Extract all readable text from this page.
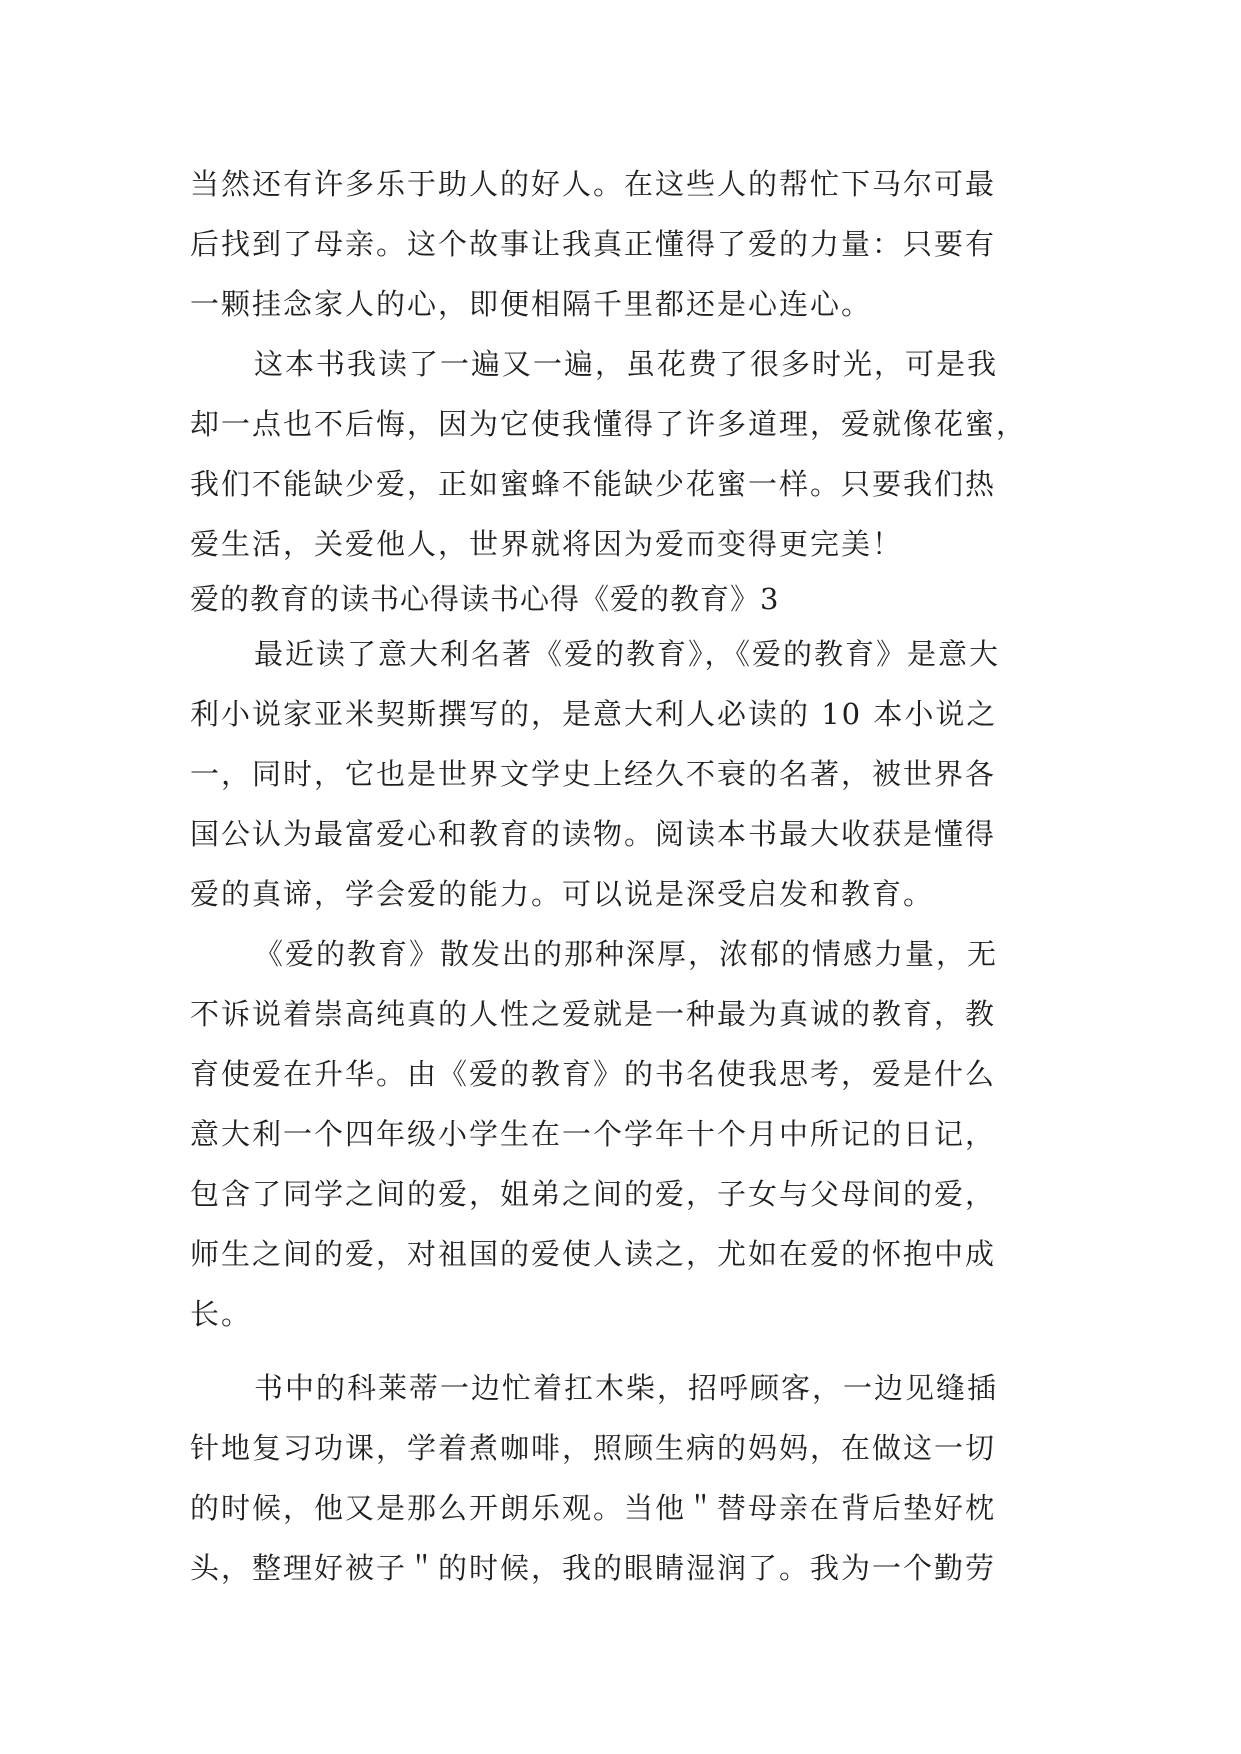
当然还有许多乐于助人的好人。在这些人的帮忙下马尔可最
后找到了母亲。这个故事让我真正懂得了爱的力量：只要有
一颗挂念家人的心，即便相隔千里都还是心连心。
这本书我读了一遍又一遍，虽花费了很多时光，可是我
却一点也不后悔，因为它使我懂得了许多道理，爱就像花蜜，
我们不能缺少爱，正如蜜蜂不能缺少花蜜一样。只要我们热
爱生活，关爱他人，世界就将因为爱而变得更完美！
爱的教育的读书心得读书心得《爱的教育》3
最近读了意大利名著《爱的教育》，《爱的教育》是意大
利小说家亚米契斯撰写的，是意大利人必读的 10 本小说之
一，同时，它也是世界文学史上经久不衰的名著，被世界各
国公认为最富爱心和教育的读物。阅读本书最大收获是懂得
爱的真谛，学会爱的能力。可以说是深受启发和教育。
《爱的教育》散发出的那种深厚，浓郁的情感力量，无
不诉说着崇高纯真的人性之爱就是一种最为真诚的教育，教
育使爱在升华。由《爱的教育》的书名使我思考，爱是什么
意大利一个四年级小学生在一个学年十个月中所记的日记，
包含了同学之间的爱，姐弟之间的爱，子女与父母间的爱，
师生之间的爱，对祖国的爱使人读之，尤如在爱的怀抱中成
长。
书中的科莱蒂一边忙着扛木柴，招呼顾客，一边见缝插
针地复习功课，学着煮咖啡，照顾生病的妈妈，在做这一切
的时候，他又是那么开朗乐观。当他＂替母亲在背后垫好枕
头，整理好被子＂的时候，我的眼睛湿润了。我为一个勤劳
